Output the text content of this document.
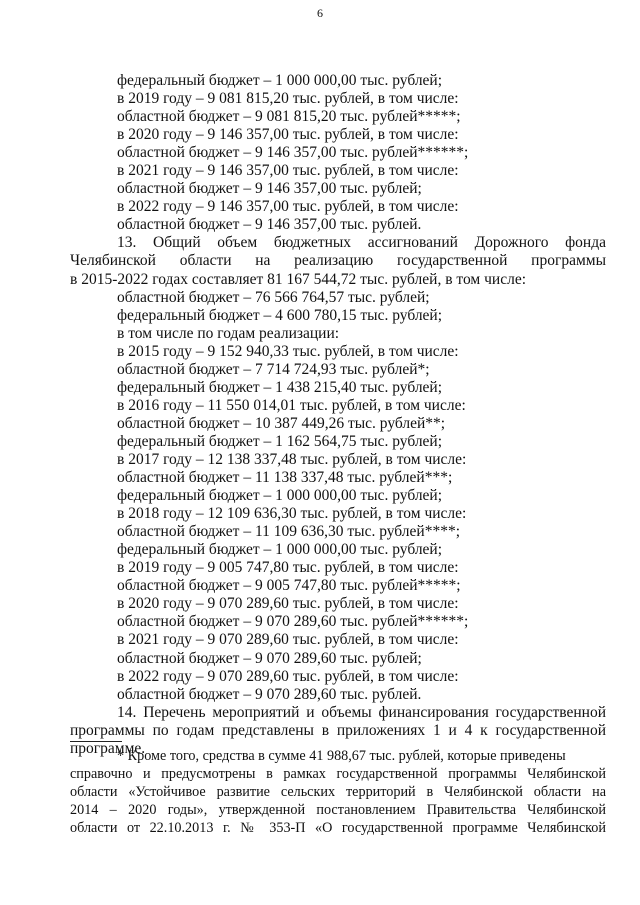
6
федеральный бюджет – 1 000 000,00 тыс. рублей;
в 2019 году – 9 081 815,20 тыс. рублей, в том числе:
областной бюджет – 9 081 815,20 тыс. рублей*****;
в 2020 году – 9 146 357,00 тыс. рублей, в том числе:
областной бюджет – 9 146 357,00 тыс. рублей******;
в 2021 году – 9 146 357,00 тыс. рублей, в том числе:
областной бюджет – 9 146 357,00 тыс. рублей;
в 2022 году – 9 146 357,00 тыс. рублей, в том числе:
областной бюджет – 9 146 357,00 тыс. рублей.
13. Общий объем бюджетных ассигнований Дорожного фонда
Челябинской области на реализацию государственной программы
в 2015-2022 годах составляет 81 167 544,72 тыс. рублей, в том числе:
областной бюджет – 76 566 764,57 тыс. рублей;
федеральный бюджет – 4 600 780,15 тыс. рублей;
в том числе по годам реализации:
в 2015 году – 9 152 940,33 тыс. рублей, в том числе:
областной бюджет – 7 714 724,93 тыс. рублей*;
федеральный бюджет – 1 438 215,40 тыс. рублей;
в 2016 году – 11 550 014,01 тыс. рублей, в том числе:
областной бюджет – 10 387 449,26 тыс. рублей**;
федеральный бюджет – 1 162 564,75 тыс. рублей;
в 2017 году – 12 138 337,48 тыс. рублей, в том числе:
областной бюджет – 11 138 337,48 тыс. рублей***;
федеральный бюджет – 1 000 000,00 тыс. рублей;
в 2018 году – 12 109 636,30 тыс. рублей, в том числе:
областной бюджет – 11 109 636,30 тыс. рублей****;
федеральный бюджет – 1 000 000,00 тыс. рублей;
в 2019 году – 9 005 747,80 тыс. рублей, в том числе:
областной бюджет – 9 005 747,80 тыс. рублей*****;
в 2020 году – 9 070 289,60 тыс. рублей, в том числе:
областной бюджет – 9 070 289,60 тыс. рублей******;
в 2021 году – 9 070 289,60 тыс. рублей, в том числе:
областной бюджет – 9 070 289,60 тыс. рублей;
в 2022 году – 9 070 289,60 тыс. рублей, в том числе:
областной бюджет – 9 070 289,60 тыс. рублей.
14. Перечень мероприятий и объемы финансирования государственной
программы по годам представлены в приложениях 1 и 4 к государственной
программе.
* Кроме того, средства в сумме 41 988,67 тыс. рублей, которые приведены
справочно и предусмотрены в рамках государственной программы Челябинской
области «Устойчивое развитие сельских территорий в Челябинской области на
2014 – 2020 годы», утвержденной постановлением Правительства Челябинской
области от 22.10.2013 г. № 353-П «О государственной программе Челябинской
